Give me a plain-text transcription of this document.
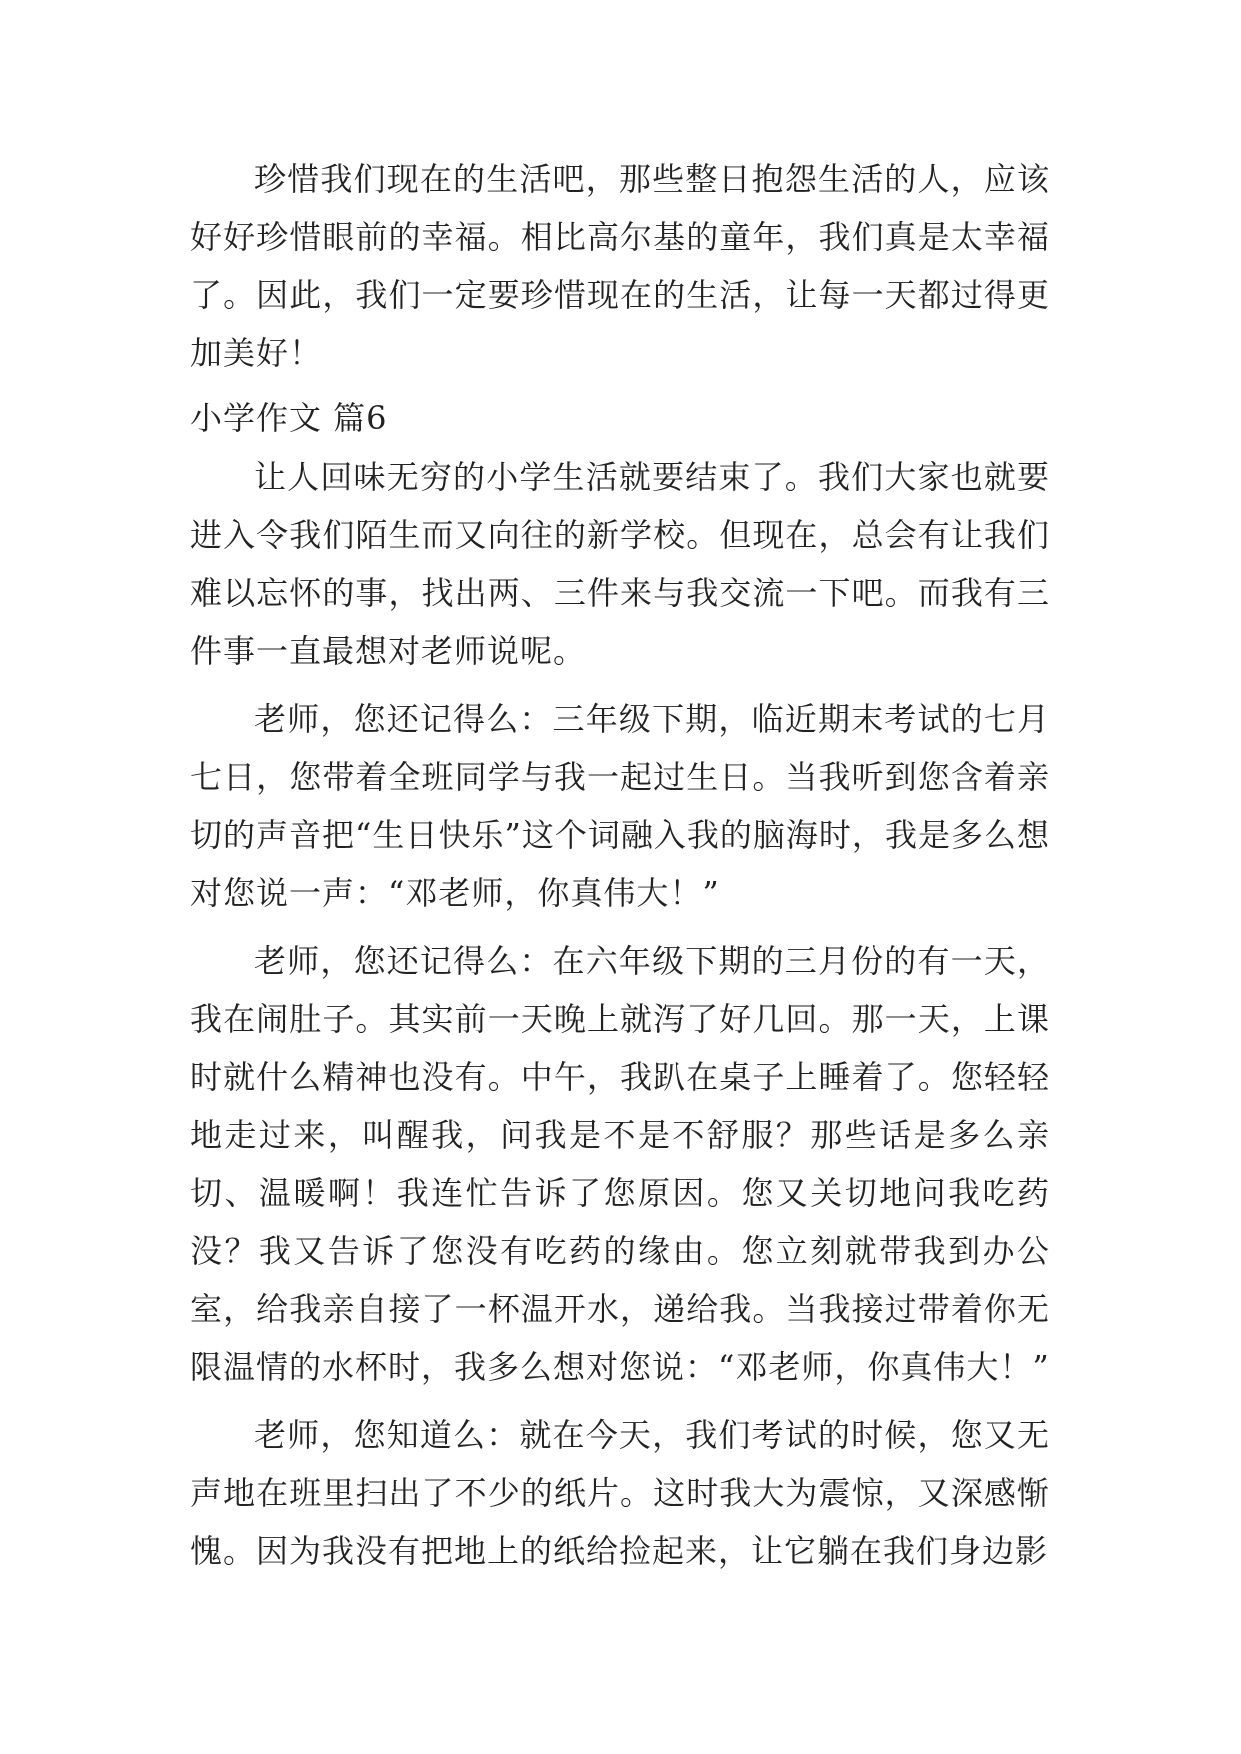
珍惜我们现在的生活吧，那些整日抱怨生活的人，应该好好珍惜眼前的幸福。相比高尔基的童年，我们真是太幸福了。因此，我们一定要珍惜现在的生活，让每一天都过得更加美好！

小学作文 篇6

让人回味无穷的小学生活就要结束了。我们大家也就要进入令我们陌生而又向往的新学校。但现在，总会有让我们难以忘怀的事，找出两、三件来与我交流一下吧。而我有三件事一直最想对老师说呢。

老师，您还记得么：三年级下期，临近期末考试的七月七日，您带着全班同学与我一起过生日。当我听到您含着亲切的声音把“生日快乐”这个词融入我的脑海时，我是多么想对您说一声：“邓老师，你真伟大！”

老师，您还记得么：在六年级下期的三月份的有一天，我在闹肚子。其实前一天晚上就泻了好几回。那一天，上课时就什么精神也没有。中午，我趴在桌子上睡着了。您轻轻地走过来，叫醒我，问我是不是不舒服？那些话是多么亲切、温暖啊！我连忙告诉了您原因。您又关切地问我吃药没？我又告诉了您没有吃药的缘由。您立刻就带我到办公室，给我亲自接了一杯温开水，递给我。当我接过带着你无限温情的水杯时，我多么想对您说：“邓老师，你真伟大！”

老师，您知道么：就在今天，我们考试的时候，您又无声地在班里扫出了不少的纸片。这时我大为震惊，又深感惭愧。因为我没有把地上的纸给捡起来，让它躺在我们身边影
